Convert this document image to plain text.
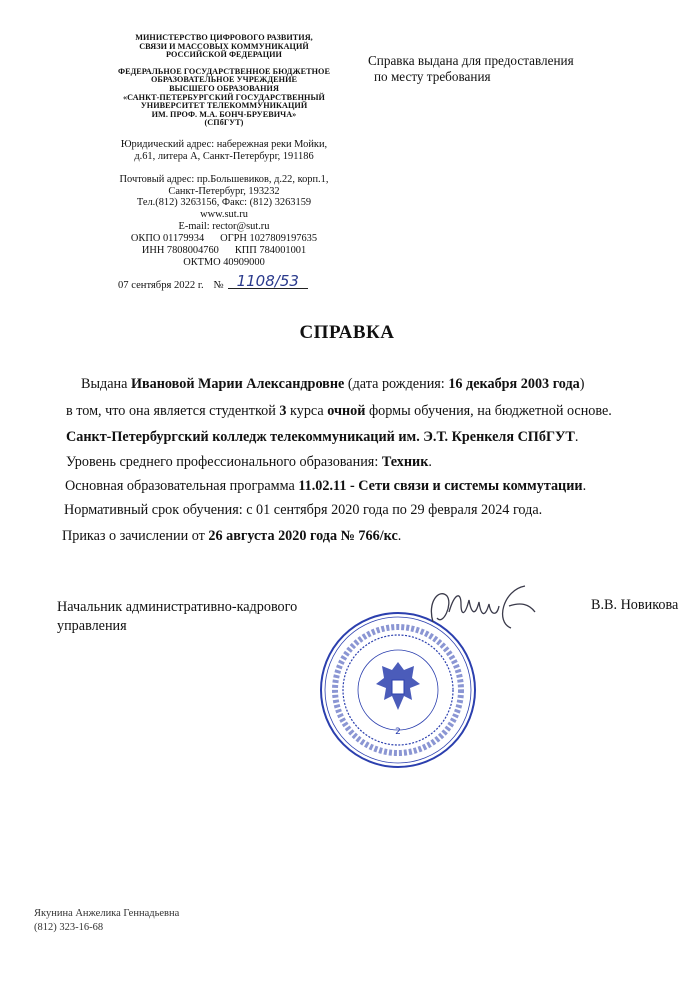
МИНИСТЕРСТВО ЦИФРОВОГО РАЗВИТИЯ,
СВЯЗИ И МАССОВЫХ КОММУНИКАЦИЙ
РОССИЙСКОЙ ФЕДЕРАЦИИ
ФЕДЕРАЛЬНОЕ ГОСУДАРСТВЕННОЕ БЮДЖЕТНОЕ
ОБРАЗОВАТЕЛЬНОЕ УЧРЕЖДЕНИЕ
ВЫСШЕГО ОБРАЗОВАНИЯ
«САНКТ-ПЕТЕРБУРГСКИЙ ГОСУДАРСТВЕННЫЙ
УНИВЕРСИТЕТ ТЕЛЕКОММУНИКАЦИЙ
ИМ. ПРОФ. М.А. БОНЧ-БРУЕВИЧА»
(СПбГУТ)
Юридический адрес: набережная реки Мойки,
д.61, литера А, Санкт-Петербург, 191186
Почтовый адрес: пр.Большевиков, д.22, корп.1,
Санкт-Петербург, 193232
Тел.(812) 3263156, Факс: (812) 3263159
www.sut.ru
E-mail: rector@sut.ru
ОКПО 01179934 ОГРН 1027809197635
ИНН 7808004760 КПП 784001001
ОКТМО 40909000
07 сентября 2022 г. № 1108/53
Справка выдана для предоставления
по месту требования
СПРАВКА
Выдана Ивановой Марии Александровне (дата рождения: 16 декабря 2003 года)
в том, что она является студенткой 3 курса очной формы обучения, на бюджетной основе.
Санкт-Петербургский колледж телекоммуникаций им. Э.Т. Кренкеля СПбГУТ.
Уровень среднего профессионального образования: Техник.
Основная образовательная программа 11.02.11 - Сети связи и системы коммутации.
Нормативный срок обучения: с 01 сентября 2020 года по 29 февраля 2024 года.
Приказ о зачислении от 26 августа 2020 года № 766/кс.
Начальник административно-кадрового
управления
2
В.В. Новикова
Якунина Анжелика Геннадьевна
(812) 323-16-68
